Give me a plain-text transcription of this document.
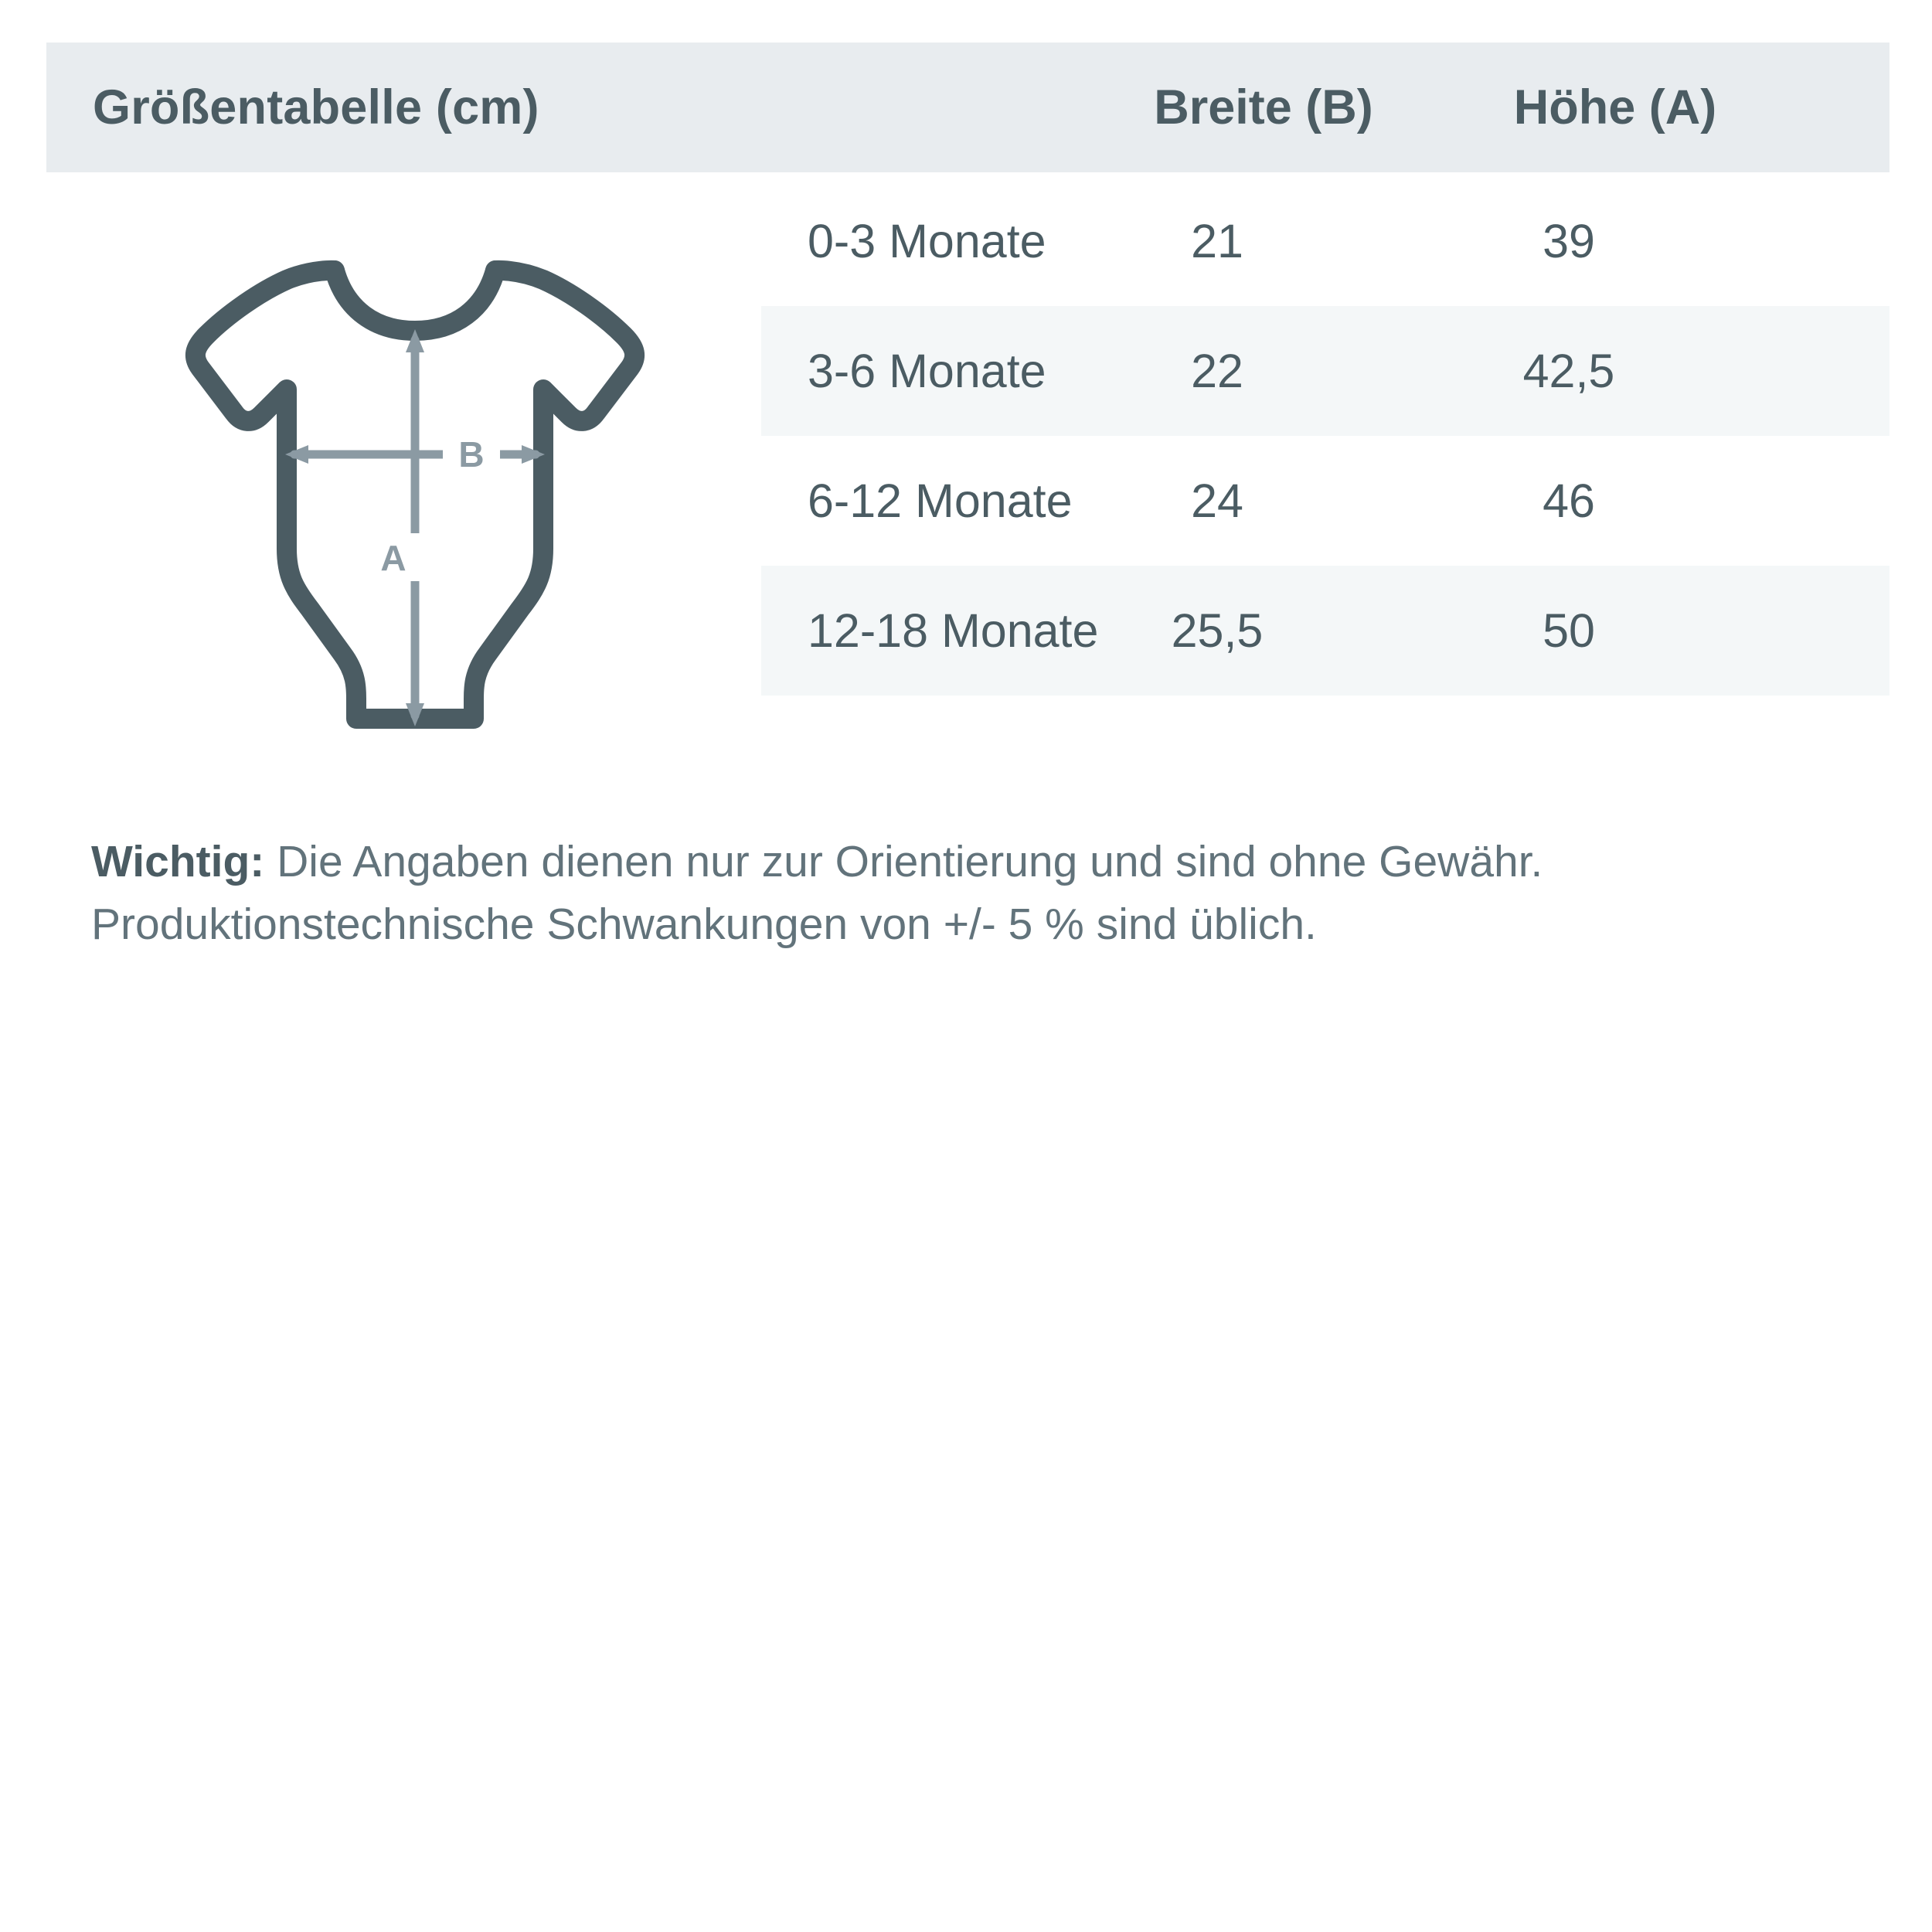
Größentabelle (cm)	Breite (B)	Höhe (A)
B
A
0-3 Monate	21	39
3-6 Monate	22	42,5
6-12 Monate	24	46
12-18 Monate	25,5	50
Wichtig: Die Angaben dienen nur zur Orientierung und sind ohne Gewähr. Produktionstechnische Schwankungen von +/- 5 % sind üblich.
